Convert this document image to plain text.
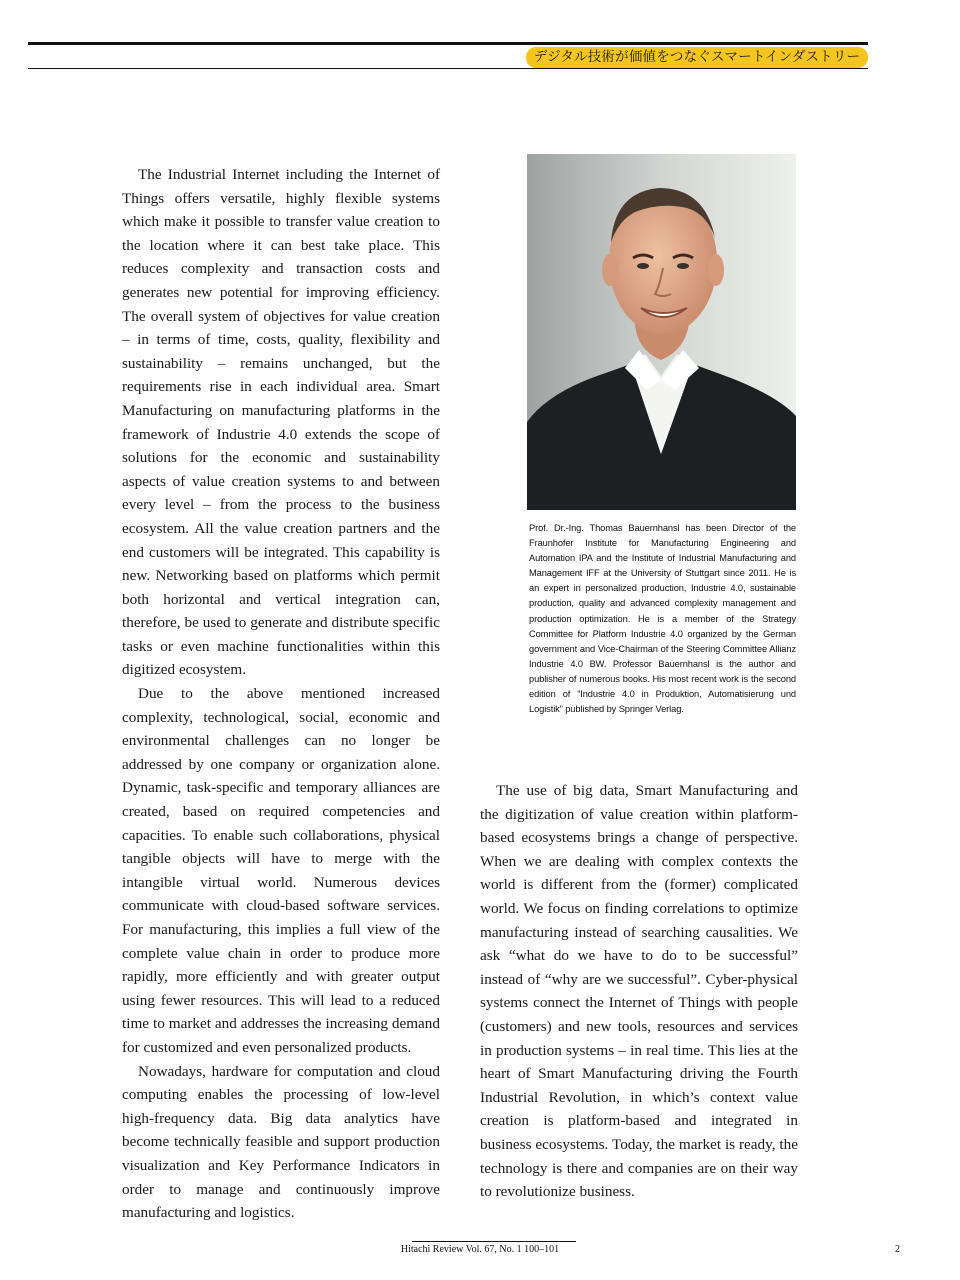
デジタル技術が価値をつなぐスマートインダストリー

The Industrial Internet including the Internet of Things offers versatile, highly flexible systems which make it possible to transfer value creation to the location where it can best take place. This reduces complexity and transaction costs and generates new potential for improving efficiency. The overall system of objectives for value creation – in terms of time, costs, quality, flexibility and sustainability – remains unchanged, but the requirements rise in each individual area. Smart Manufacturing on manufacturing platforms in the framework of Industrie 4.0 extends the scope of solutions for the economic and sustainability aspects of value creation systems to and between every level – from the process to the business ecosystem. All the value creation partners and the end customers will be integrated. This capability is new. Networking based on platforms which permit both horizontal and vertical integration can, therefore, be used to generate and distribute specific tasks or even machine functionalities within this digitized ecosystem.

Due to the above mentioned increased complexity, technological, social, economic and environmental challenges can no longer be addressed by one company or organization alone. Dynamic, task-specific and temporary alliances are created, based on required competencies and capacities. To enable such collaborations, physical tangible objects will have to merge with the intangible virtual world. Numerous devices communicate with cloud-based software services. For manufacturing, this implies a full view of the complete value chain in order to produce more rapidly, more efficiently and with greater output using fewer resources. This will lead to a reduced time to market and addresses the increasing demand for customized and even personalized products.

Nowadays, hardware for computation and cloud computing enables the processing of low-level high-frequency data. Big data analytics have become technically feasible and support production visualization and Key Performance Indicators in order to manage and continuously improve manufacturing and logistics.

Prof. Dr.-Ing. Thomas Bauernhansl has been Director of the Fraunhofer Institute for Manufacturing Engineering and Automation IPA and the Institute of Industrial Manufacturing and Management IFF at the University of Stuttgart since 2011. He is an expert in personalized production, Industrie 4.0, sustainable production, quality and advanced complexity management and production optimization. He is a member of the Strategy Committee for Platform Industrie 4.0 organized by the German government and Vice-Chairman of the Steering Committee Allianz Industrie 4.0 BW. Professor Bauernhansl is the author and publisher of numerous books. His most recent work is the second edition of “Industrie 4.0 in Produktion, Automatisierung und Logistik” published by Springer Verlag.

The use of big data, Smart Manufacturing and the digitization of value creation within platform-based ecosystems brings a change of perspective. When we are dealing with complex contexts the world is different from the (former) complicated world. We focus on finding correlations to optimize manufacturing instead of searching causalities. We ask “what do we have to do to be successful” instead of “why are we successful”. Cyber-physical systems connect the Internet of Things with people (customers) and new tools, resources and services in production systems – in real time. This lies at the heart of Smart Manufacturing driving the Fourth Industrial Revolution, in which’s context value creation is platform-based and integrated in business ecosystems. Today, the market is ready, the technology is there and companies are on their way to revolutionize business.

Hitachi Review Vol. 67, No. 1 100–101	2
